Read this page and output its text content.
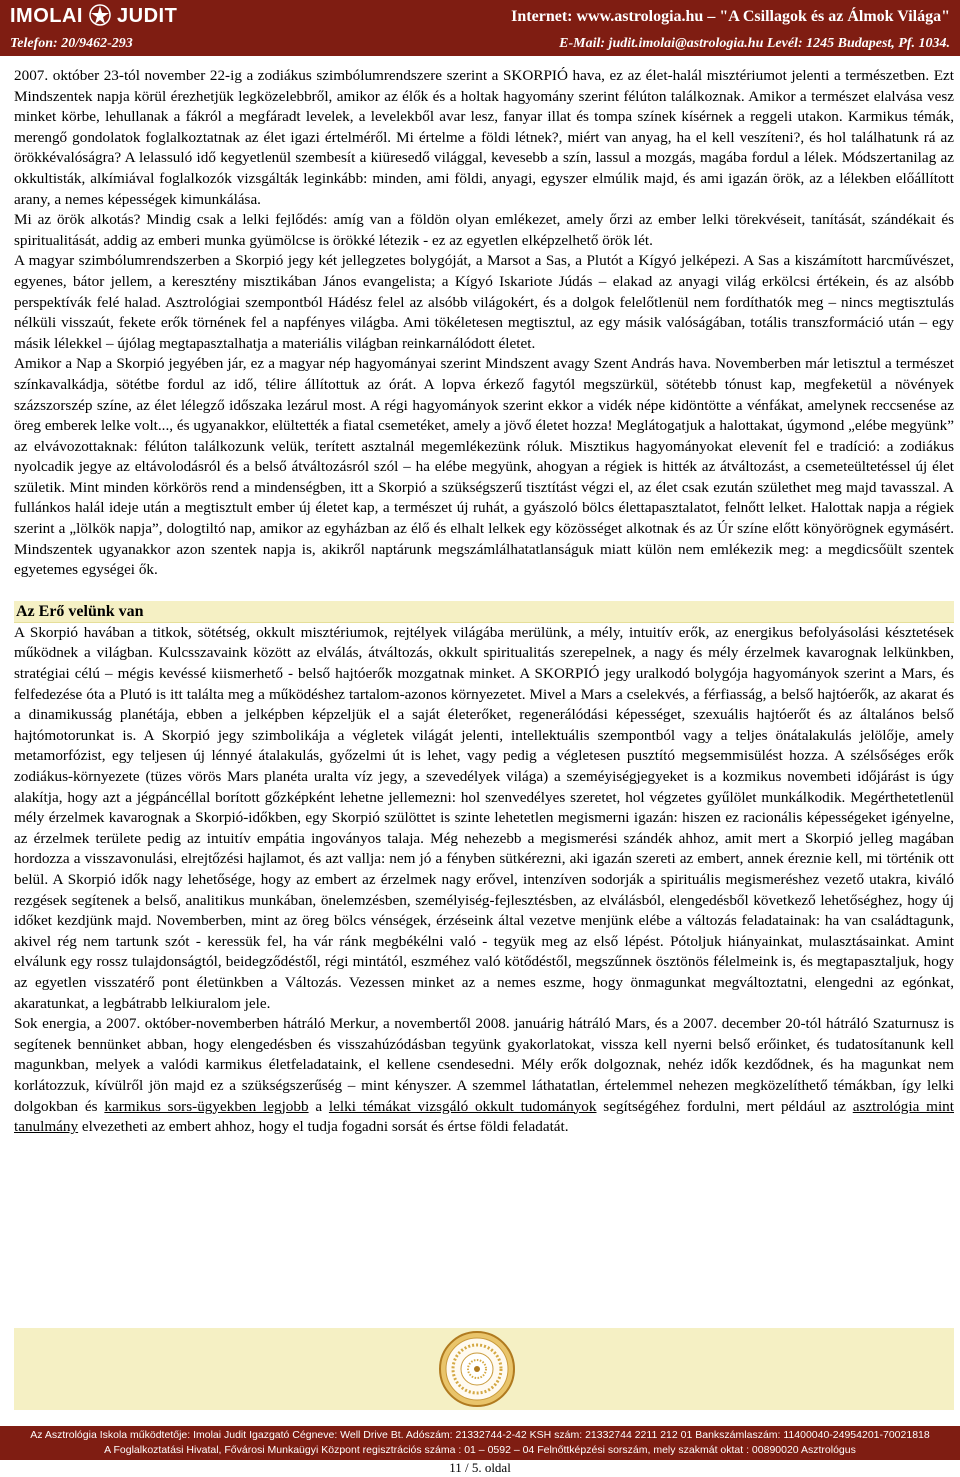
IMOLAI JUDIT
Telefon: 20/9462-293
Internet: www.astrologia.hu – "A Csillagok és az Álmok Világa"
E-Mail: judit.imolai@astrologia.hu Levél: 1245 Budapest, Pf. 1034.

2007. október 23-tól november 22-ig a zodiákus szimbólumrendszere szerint a SKORPIÓ hava, ez az élet-halál misztériumot jelenti a természetben. Ezt Mindszentek napja körül érezhetjük legközelebbről, amikor az élők és a holtak hagyomány szerint félúton találkoznak. Amikor a természet elalvása vesz minket körbe, lehullanak a fákról a megfáradt levelek, a levelekből avar lesz, fanyar illat és tompa színek kísérnek a reggeli utakon. Karmikus témák, merengő gondolatok foglalkoztatnak az élet igazi értelméről. Mi értelme a földi létnek?, miért van anyag, ha el kell veszíteni?, és hol találhatunk rá az örökkévalóságra? A lelassuló idő kegyetlenül szembesít a kiüresedő világgal, kevesebb a szín, lassul a mozgás, magába fordul a lélek. Módszertanilag az okkultisták, alkímiával foglalkozók vizsgálták leginkább: minden, ami földi, anyagi, egyszer elmúlik majd, és ami igazán örök, az a lélekben előállított arany, a nemes képességek kimunkálása.

Mi az örök alkotás? Mindig csak a lelki fejlődés: amíg van a földön olyan emlékezet, amely őrzi az ember lelki törekvéseit, tanítását, szándékait és spiritualitását, addig az emberi munka gyümölcse is örökké létezik - ez az egyetlen elképzelhető örök lét.

A magyar szimbólumrendszerben a Skorpió jegy két jellegzetes bolygóját, a Marsot a Sas, a Plutót a Kígyó jelképezi. A Sas a kiszámított harcművészet, egyenes, bátor jellem, a keresztény misztikában János evangelista; a Kígyó Iskariote Júdás – elakad az anyagi világ erkölcsi értékein, és az alsóbb perspektívák felé halad. Asztrológiai szempontból Hádész felel az alsóbb világokért, és a dolgok felelőtlenül nem fordíthatók meg – nincs megtisztulás nélküli visszaút, fekete erők törnének fel a napfényes világba. Ami tökéletesen megtisztul, az egy másik valóságában, totális transzformáció után – egy másik lélekkel – újólag megtapasztalhatja a materiális világban reinkarnálódott életet.

Amikor a Nap a Skorpió jegyében jár, ez a magyar nép hagyományai szerint Mindszent avagy Szent András hava. Novemberben már letisztul a természet színkavalkádja, sötétbe fordul az idő, télire állítottuk az órát. A lopva érkező fagytól megszürkül, sötétebb tónust kap, megfeketül a növények százszorszép színe, az élet lélegző időszaka lezárul most. A régi hagyományok szerint ekkor a vidék népe kidöntötte a vénfákat, amelynek reccsenése az öreg emberek lelke volt..., és ugyanakkor, elültették a fiatal csemetéket, amely a jövő életet hozza! Meglátogatjuk a halottakat, úgymond „elébe megyünk” az elvávozottaknak: félúton találkozunk velük, terített asztalnál megemlékezünk róluk. Misztikus hagyományokat elevenít fel e tradíció: a zodiákus nyolcadik jegye az eltávolodásról és a belső átváltozásról szól – ha elébe megyünk, ahogyan a régiek is hitték az átváltozást, a csemeteültetéssel új élet születik. Mint minden körkörös rend a mindenségben, itt a Skorpió a szükségszerű tisztítást végzi el, az élet csak ezután születhet meg majd tavasszal. A fullánkos halál ideje után a megtisztult ember új életet kap, a természet új ruhát, a gyászoló bölcs élettapasztalatot, felnőtt lelket. Halottak napja a régiek szerint a „lölkök napja”, dologtiltó nap, amikor az egyházban az élő és elhalt lelkek egy közösséget alkotnak és az Úr színe előtt könyörögnek egymásért. Mindszentek ugyanakkor azon szentek napja is, akikről naptárunk megszámlálhatatlanságuk miatt külön nem emlékezik meg: a megdicsőült szentek egyetemes egységei ők.

Az Erő velünk van

A Skorpió havában a titkok, sötétség, okkult misztériumok, rejtélyek világába merülünk, a mély, intuitív erők, az energikus befolyásolási késztetések működnek a világban. Kulcsszavaink között az elválás, átváltozás, okkult spiritualitás szerepelnek, a nagy és mély érzelmek kavarognak lelkünkben, stratégiai célú – mégis kevéssé kiismerhető - belső hajtóerők mozgatnak minket. A SKORPIÓ jegy uralkodó bolygója hagyományok szerint a Mars, és felfedezése óta a Plutó is itt találta meg a működéshez tartalom-azonos környezetet. Mivel a Mars a cselekvés, a férfiasság, a belső hajtóerők, az akarat és a dinamikusság planétája, ebben a jelképben képzeljük el a saját életerőket, regenerálódási képességet, szexuális hajtóerőt és az általános belső hajtómotorunkat is. A Skorpió jegy szimbolikája a végletek világát jelenti, intellektuális szempontból vagy a teljes önátalakulás jelölője, amely metamorfózist, egy teljesen új lénnyé átalakulás, győzelmi út is lehet, vagy pedig a végletesen pusztító megsemmisülést hozza. A szélsőséges erők zodiákus-környezete (tüzes vörös Mars planéta uralta víz jegy, a szevedélyek világa) a szeméyiségjegyeket is a kozmikus novembeti időjárást is úgy alakítja, hogy azt a jégpáncéllal borított gőzképként lehetne jellemezni: hol szenvedélyes szeretet, hol végzetes gyűlölet munkálkodik. Megérthetetlenül mély érzelmek kavarognak a Skorpió-időkben, egy Skorpió szülöttet is szinte lehetetlen megismerni igazán: hiszen ez racionális képességeket igényelne, az érzelmek területe pedig az intuitív empátia ingoványos talaja. Még nehezebb a megismerési szándék ahhoz, amit mert a Skorpió jelleg magában hordozza a visszavonulási, elrejtőzési hajlamot, és azt vallja: nem jó a fényben sütkérezni, aki igazán szereti az embert, annek éreznie kell, mi történik ott belül. A Skorpió idők nagy lehetősége, hogy az embert az érzelmek nagy erővel, intenzíven sodorják a spirituális megismeréshez vezető utakra, kiváló rezgések segítenek a belső, analitikus munkában, önelemzésben, személyiség-fejlesztésben, az elválásból, elengedésből következő lehetőséghez, hogy új időket kezdjünk majd. Novemberben, mint az öreg bölcs vénségek, érzéseink által vezetve menjünk elébe a változás feladatainak: ha van családtagunk, akivel rég nem tartunk szót - keressük fel, ha vár ránk megbékélni való - tegyük meg az első lépést. Pótoljuk hiányainkat, mulasztásainkat. Amint elválunk egy rossz tulajdonságtól, beidegződéstől, régi mintától, eszméhez való kötődéstől, megszűnnek ösztönös félelmeink is, és megtapasztaljuk, hogy az egyetlen visszatérő pont életünkben a Változás. Vezessen minket az a nemes eszme, hogy önmagunkat megváltoztatni, elengedni az egónkat, akaratunkat, a legbátrabb lelkiuralom jele.

Sok energia, a 2007. október-novemberben hátráló Merkur, a novembertől 2008. januárig hátráló Mars, és a 2007. december 20-tól hátráló Szaturnusz is segítenek bennünket abban, hogy elengedésben és visszahúzódásban tegyünk gyakorlatokat, vissza kell nyerni belső erőinket, és tudatosítanunk kell magunkban, melyek a valódi karmikus életfeladataink, el kellene csendesedni. Mély erők dolgoznak, nehéz idők kezdődnek, és ha magunkat nem korlátozzuk, kívülről jön majd ez a szükségszerűség – mint kényszer. A szemmel láthatatlan, értelemmel nehezen megközelíthető témákban, így lelki dolgokban és karmikus sors-ügyekben legjobb a lelki témákat vizsgáló okkult tudományok segítségéhez fordulni, mert például az asztrológia mint tanulmány elvezetheti az embert ahhoz, hogy el tudja fogadni sorsát és értse földi feladatát.

Az Asztrológia Iskola működtetője: Imolai Judit Igazgató Cégneve: Well Drive Bt. Adószám: 21332744-2-42 KSH szám: 21332744 2211 212 01 Bankszámlaszám: 11400040-24954201-70021818
A Foglalkoztatási Hivatal, Fővárosi Munkaügyi Központ regisztrációs száma : 01 – 0592 – 04 Felnőttképzési sorszám, mely szakmát oktat : 00890020 Asztrológus
11 / 5. oldal
